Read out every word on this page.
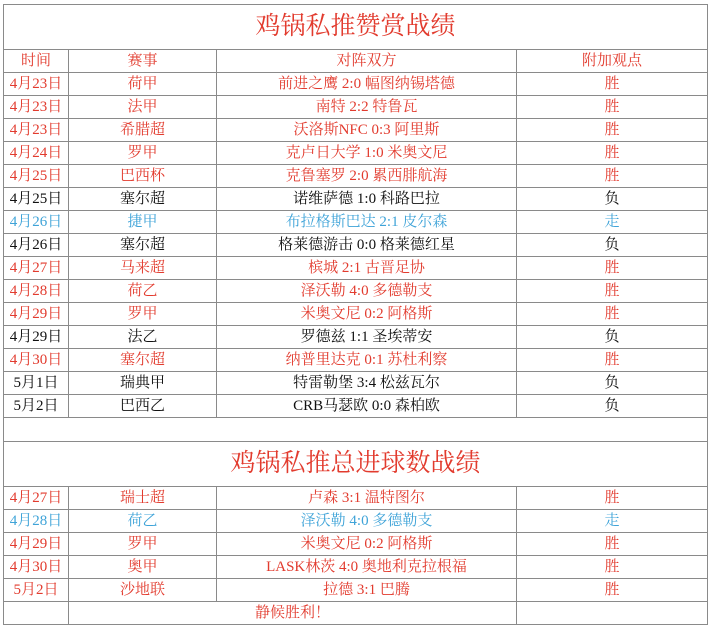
鸡锅私推赞赏战绩			
时间	赛事	对阵双方	附加观点
4月23日	荷甲	前进之鹰 2:0 幅图纳锡塔德	胜
4月23日	法甲	南特 2:2 特鲁瓦	胜
4月23日	希腊超	沃洛斯NFC 0:3 阿里斯	胜
4月24日	罗甲	克卢日大学 1:0 米奥文尼	胜
4月25日	巴西杯	克鲁塞罗 2:0 累西腓航海	胜
4月25日	塞尔超	诺维萨德 1:0 科路巴拉	负
4月26日	捷甲	布拉格斯巴达 2:1 皮尔森	走
4月26日	塞尔超	格莱德游击 0:0 格莱德红星	负
4月27日	马来超	槟城 2:1 古晋足协	胜
4月28日	荷乙	泽沃勒 4:0 多德勒支	胜
4月29日	罗甲	米奥文尼 0:2 阿格斯	胜
4月29日	法乙	罗德兹 1:1 圣埃蒂安	负
4月30日	塞尔超	纳普里达克 0:1 苏杜利察	胜
5月1日	瑞典甲	特雷勒堡 3:4 松兹瓦尔	负
5月2日	巴西乙	CRB马瑟欧 0:0 森柏欧	负

鸡锅私推总进球数战绩			
4月27日	瑞士超	卢森 3:1 温特图尔	胜
4月28日	荷乙	泽沃勒 4:0 多德勒支	走
4月29日	罗甲	米奥文尼 0:2 阿格斯	胜
4月30日	奥甲	LASK林茨 4:0 奥地利克拉根福	胜
5月2日	沙地联	拉德 3:1 巴腾	胜
	静候胜利！		
